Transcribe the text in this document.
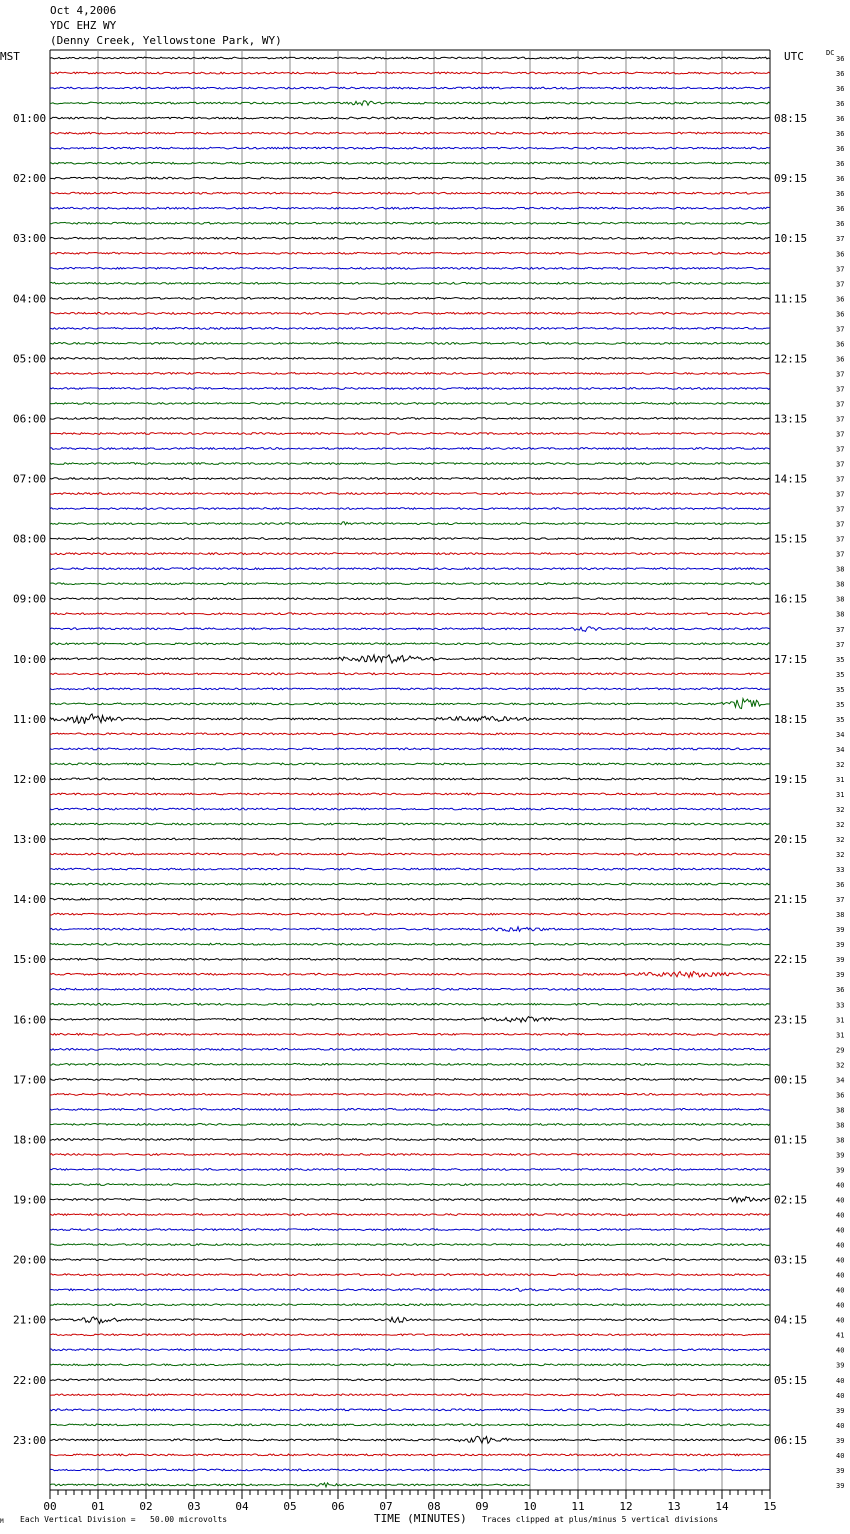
Oct 4,2006
YDC EHZ WY
(Denny Creek, Yellowstone Park, WY)
MST	UTC	DC
00	01	02	03	04	05	06	07	08	09	10	11	12	13	14	15
36
36
36
36
36
36
36
36
36
36
36
36
37
36
37
37
36
36
37
36
36
37
37
37
37
37
37
37
37
37
37
37
37
37
38
38
38
38
37
37
35
35
35
35
35
34
34
32
31
31
32
32
32
32
33
36
37
38
39
39
39
39
36
33
31
31
29
32
34
36
38
38
38
39
39
40
40
40
40
40
40
40
40
40
40
41
40
39
40
40
39
40
39
40
39
39
01:00
02:00
03:00
04:00
05:00
06:00
07:00
08:00
09:00
10:00
11:00
12:00
13:00
14:00
15:00
16:00
17:00
18:00
19:00
20:00
21:00
22:00
23:00
08:15
09:15
10:15
11:15
12:15
13:15
14:15
15:15
16:15
17:15
18:15
19:15
20:15
21:15
22:15
23:15
00:15
01:15
02:15
03:15
04:15
05:15
06:15
M Each Vertical Division =   50.00 microvolts	TIME (MINUTES) Traces clipped at plus/minus 5 vertical divisions
